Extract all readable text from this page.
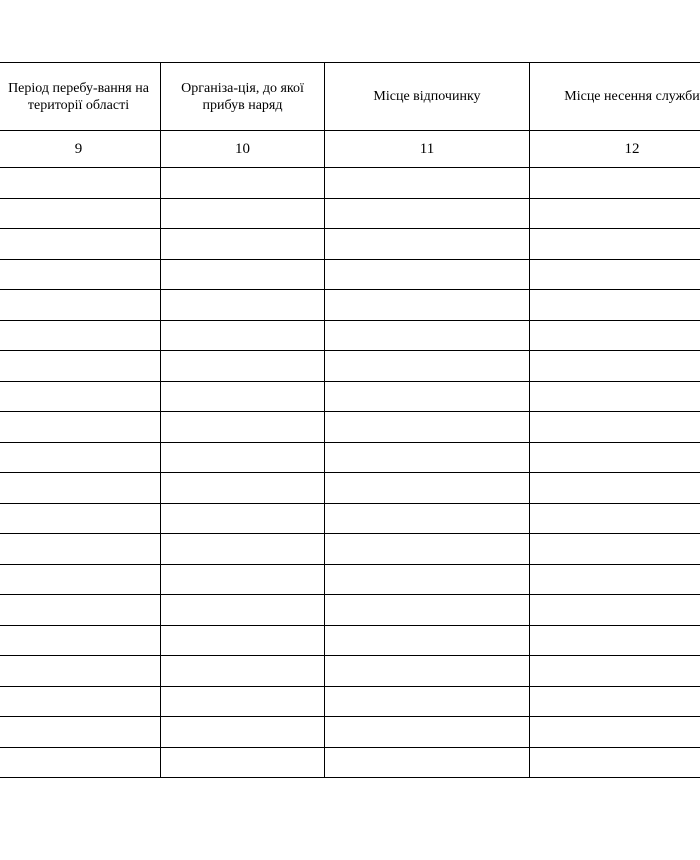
Період перебу-вання на території області	Організа-ція, до якої прибув наряд	Місце відпочинку	Місце несення служби	
9	10	11	12	
